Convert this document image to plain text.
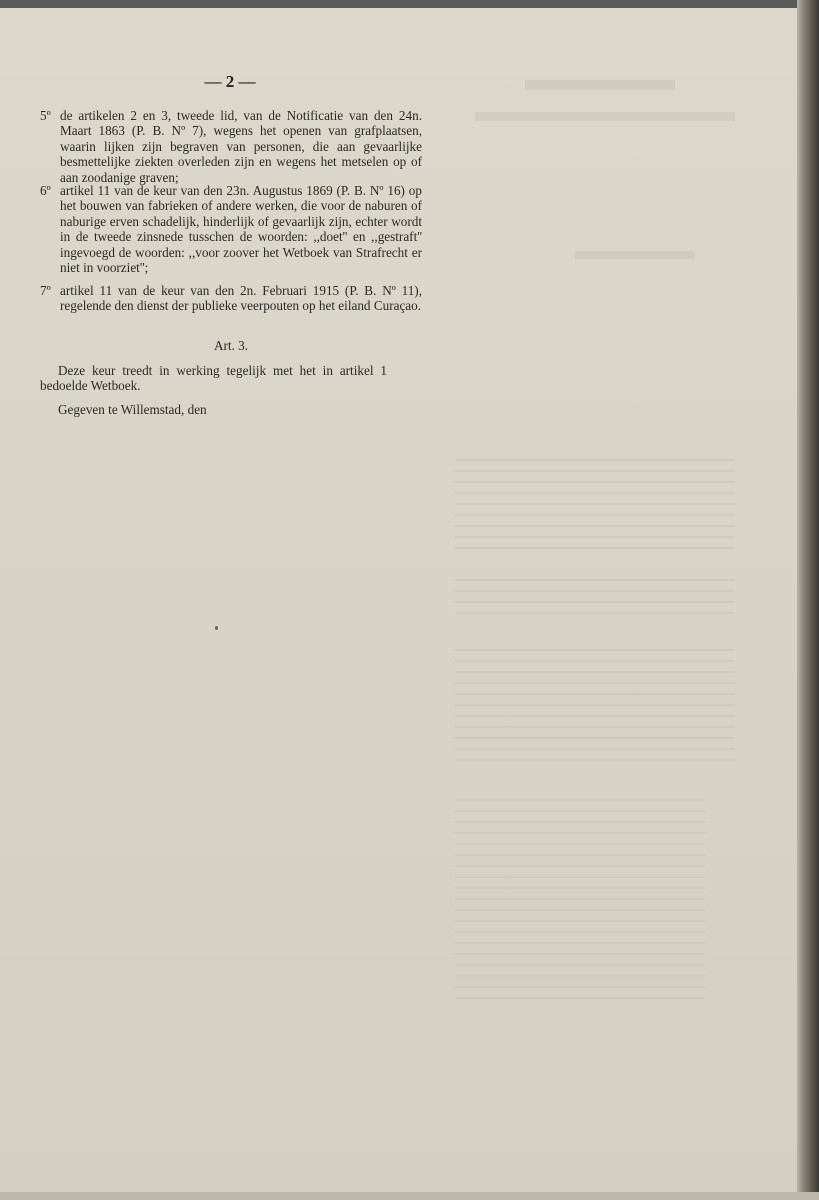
— 2 —
5º de artikelen 2 en 3, tweede lid, van de Notificatie van den 24n. Maart 1863 (P. B. Nº 7), wegens het openen van grafplaatsen, waarin lijken zijn begraven van personen, die aan gevaarlijke besmettelijke ziekten overleden zijn en wegens het metselen op of aan zoodanige graven;
6º artikel 11 van de keur van den 23n. Augustus 1869 (P. B. Nº 16) op het bouwen van fabrieken of andere werken, die voor de naburen of naburige erven schadelijk, hinderlijk of gevaarlijk zijn, echter wordt in de tweede zinsnede tusschen de woorden: ,,doet'' en ,,gestraft'' ingevoegd de woorden: ,,voor zoover het Wetboek van Strafrecht er niet in voorziet'';
7º artikel 11 van de keur van den 2n. Februari 1915 (P. B. Nº 11), regelende den dienst der publieke veerpouten op het eiland Curaçao.
Art. 3.
Deze keur treedt in werking tegelijk met het in artikel 1 bedoelde Wetboek.
Gegeven te Willemstad, den
